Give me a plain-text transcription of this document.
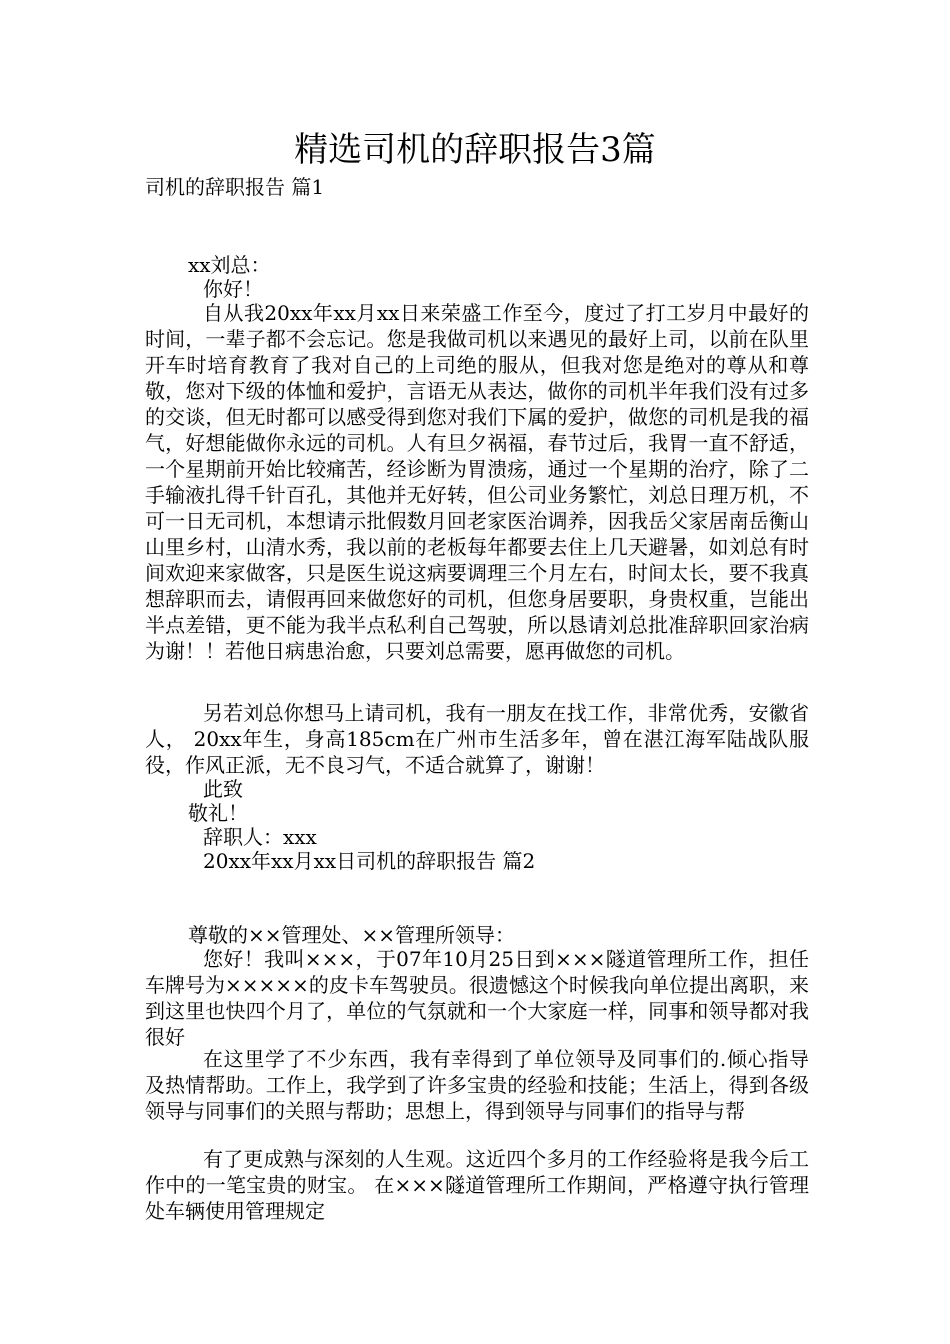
精选司机的辞职报告3篇
司机的辞职报告 篇1
xx刘总：
你好！

自从我20xx年xx月xx日来荣盛工作至今，度过了打工岁月中最好的时间，一辈子都不会忘记。您是我做司机以来遇见的最好上司，以前在队里开车时培育教育了我对自己的上司绝的服从，但我对您是绝对的尊从和尊敬，您对下级的体恤和爱护，言语无从表达，做你的司机半年我们没有过多的交谈，但无时都可以感受得到您对我们下属的爱护，做您的司机是我的福气，好想能做你永远的司机。人有旦夕祸福，春节过后，我胃一直不舒适，一个星期前开始比较痛苦，经诊断为胃溃疡，通过一个星期的治疗，除了二手输液扎得千针百孔，其他并无好转，但公司业务繁忙，刘总日理万机，不可一日无司机，本想请示批假数月回老家医治调养，因我岳父家居南岳衡山山里乡村，山清水秀，我以前的老板每年都要去住上几天避暑，如刘总有时间欢迎来家做客，只是医生说这病要调理三个月左右，时间太长，要不我真想辞职而去，请假再回来做您好的司机，但您身居要职，身贵权重，岂能出半点差错，更不能为我半点私利自己驾驶，所以恳请刘总批准辞职回家治病为谢！！若他日病患治愈，只要刘总需要，愿再做您的司机。

另若刘总你想马上请司机，我有一朋友在找工作，非常优秀，安徽省人， 20xx年生，身高185cm在广州市生活多年，曾在湛江海军陆战队服役，作风正派，无不良习气，不适合就算了，谢谢！

此致
敬礼！
辞职人：xxx
20xx年xx月xx日司机的辞职报告 篇2
尊敬的××管理处、××管理所领导：

您好！我叫×××，于07年10月25日到×××隧道管理所工作，担任车牌号为×××××的皮卡车驾驶员。很遗憾这个时候我向单位提出离职，来到这里也快四个月了，单位的气氛就和一个大家庭一样，同事和领导都对我很好

在这里学了不少东西，我有幸得到了单位领导及同事们的.倾心指导及热情帮助。工作上，我学到了许多宝贵的经验和技能；生活上，得到各级领导与同事们的关照与帮助；思想上，得到领导与同事们的指导与帮

有了更成熟与深刻的人生观。这近四个多月的工作经验将是我今后工作中的一笔宝贵的财宝。 在×××隧道管理所工作期间，严格遵守执行管理处车辆使用管理规定
